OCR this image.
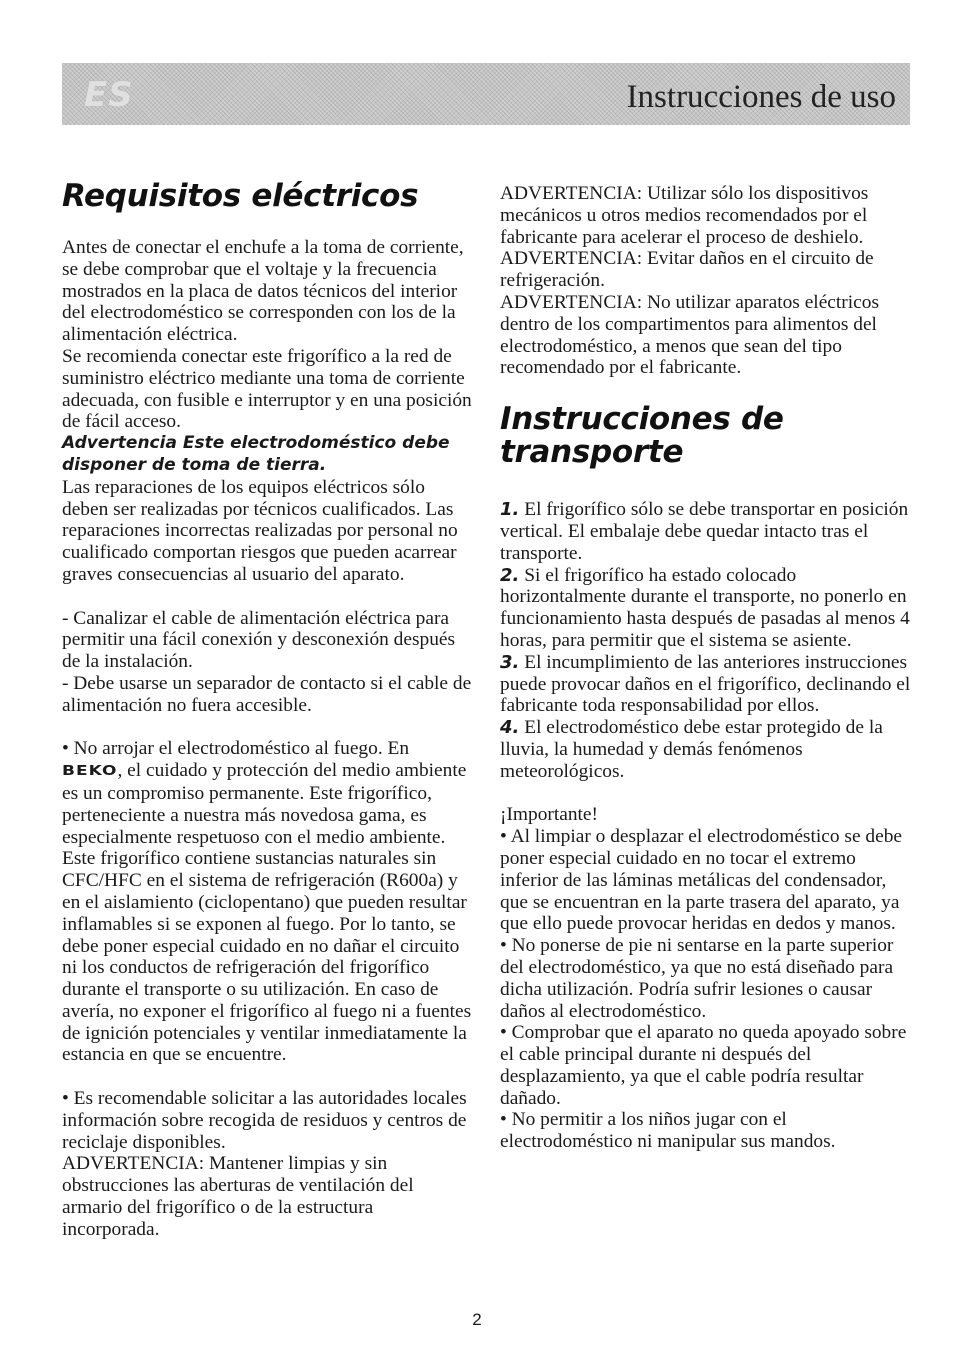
ES	Instrucciones de uso
Requisitos eléctricos

Antes de conectar el enchufe a la toma de corriente, se debe comprobar que el voltaje y la frecuencia mostrados en la placa de datos técnicos del interior del electrodoméstico se corresponden con los de la alimentación eléctrica.

Se recomienda conectar este frigorífico a la red de suministro eléctrico mediante una toma de corriente adecuada, con fusible e interruptor y en una posición de fácil acceso.

Advertencia Este electrodoméstico debe disponer de toma de tierra.

Las reparaciones de los equipos eléctricos sólo deben ser realizadas por técnicos cualificados. Las reparaciones incorrectas realizadas por personal no cualificado comportan riesgos que pueden acarrear graves consecuencias al usuario del aparato.

- Canalizar el cable de alimentación eléctrica para permitir una fácil conexión y desconexión después de la instalación.

- Debe usarse un separador de contacto si el cable de alimentación no fuera accesible.

• No arrojar el electrodoméstico al fuego. En
BEKO, el cuidado y protección del medio ambiente es un compromiso permanente. Este frigorífico, perteneciente a nuestra más novedosa gama, es especialmente respetuoso con el medio ambiente. Este frigorífico contiene sustancias naturales sin CFC/HFC en el sistema de refrigeración (R600a) y en el aislamiento (ciclopentano) que pueden resultar inflamables si se exponen al fuego. Por lo tanto, se debe poner especial cuidado en no dañar el circuito ni los conductos de refrigeración del frigorífico durante el transporte o su utilización. En caso de avería, no exponer el frigorífico al fuego ni a fuentes de ignición potenciales y ventilar inmediatamente la estancia en que se encuentre.

• Es recomendable solicitar a las autoridades locales información sobre recogida de residuos y centros de reciclaje disponibles.

ADVERTENCIA: Mantener limpias y sin obstrucciones las aberturas de ventilación del armario del frigorífico o de la estructura incorporada.

ADVERTENCIA: Utilizar sólo los dispositivos mecánicos u otros medios recomendados por el fabricante para acelerar el proceso de deshielo.

ADVERTENCIA: Evitar daños en el circuito de refrigeración.

ADVERTENCIA: No utilizar aparatos eléctricos dentro de los compartimentos para alimentos del electrodoméstico, a menos que sean del tipo recomendado por el fabricante.

Instrucciones de transporte

1. El frigorífico sólo se debe transportar en posición vertical. El embalaje debe quedar intacto tras el transporte.

2. Si el frigorífico ha estado colocado horizontalmente durante el transporte, no ponerlo en funcionamiento hasta después de pasadas al menos 4 horas, para permitir que el sistema se asiente.

3. El incumplimiento de las anteriores instrucciones puede provocar daños en el frigorífico, declinando el fabricante toda responsabilidad por ellos.

4. El electrodoméstico debe estar protegido de la lluvia, la humedad y demás fenómenos meteorológicos.

¡Importante!

• Al limpiar o desplazar el electrodoméstico se debe poner especial cuidado en no tocar el extremo inferior de las láminas metálicas del condensador, que se encuentran en la parte trasera del aparato, ya que ello puede provocar heridas en dedos y manos.

• No ponerse de pie ni sentarse en la parte superior del electrodoméstico, ya que no está diseñado para dicha utilización. Podría sufrir lesiones o causar daños al electrodoméstico.

• Comprobar que el aparato no queda apoyado sobre el cable principal durante ni después del desplazamiento, ya que el cable podría resultar dañado.

• No permitir a los niños jugar con el electrodoméstico ni manipular sus mandos.

2
